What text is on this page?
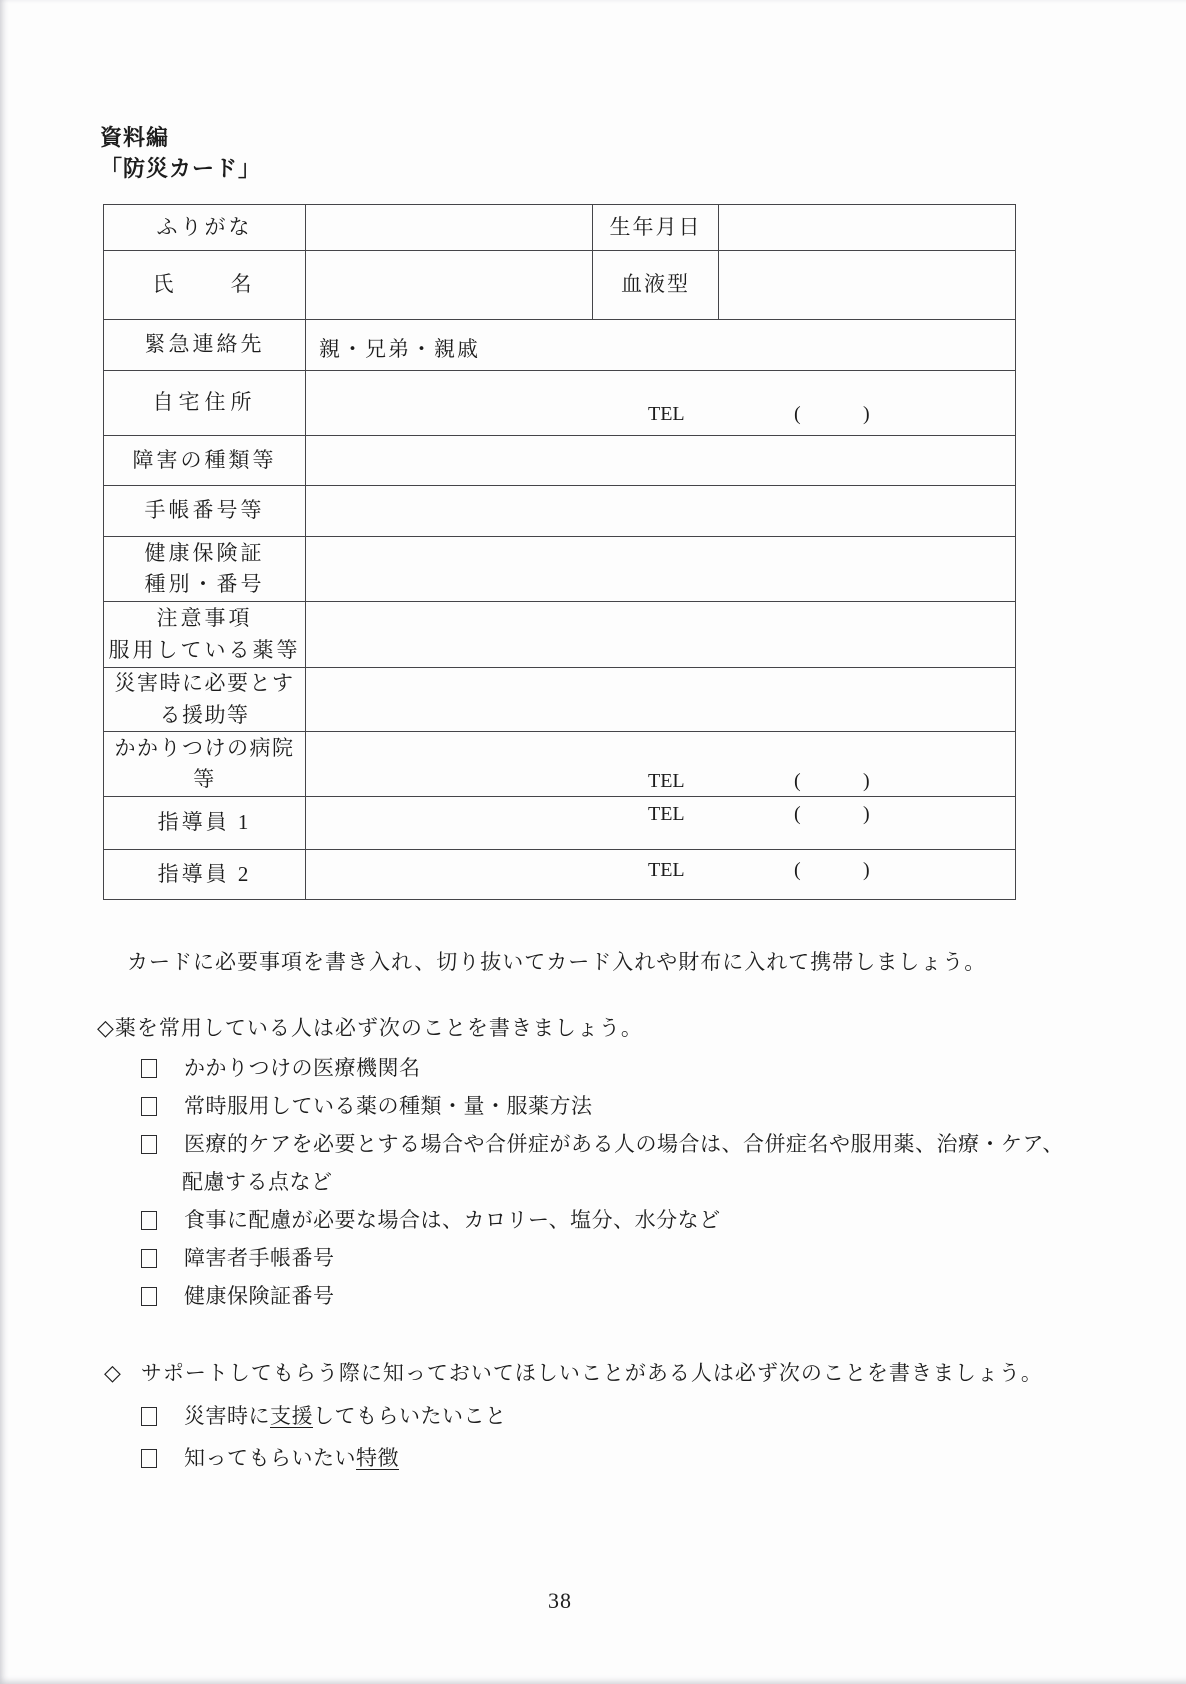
資料編
「防災カード」
ふりがな		生年月日	
氏　　名		血液型	
緊急連絡先	親・兄弟・親戚		

自宅住所	TEL ( )		

障害の種類等			
手帳番号等			

健康保険証
種別・番号			

注意事項
服用している薬等			

災害時に必要とす
る援助等			

かかりつけの病院
等	TEL	(	)

指導員 1	TEL ( )		

指導員 2	TEL ( )		
カードに必要事項を書き入れ、切り抜いてカード入れや財布に入れて携帯しましょう。
◇ 薬を常用している人は必ず次のことを書きましょう。
かかりつけの医療機関名
常時服用している薬の種類・量・服薬方法
医療的ケアを必要とする場合や合併症がある人の場合は、合併症名や服用薬、治療・ケア、
配慮する点など
食事に配慮が必要な場合は、カロリー、塩分、水分など
障害者手帳番号
健康保険証番号
◇ サポートしてもらう際に知っておいてほしいことがある人は必ず次のことを書きましょう。
災害時に支援してもらいたいこと
知ってもらいたい特徴
38
